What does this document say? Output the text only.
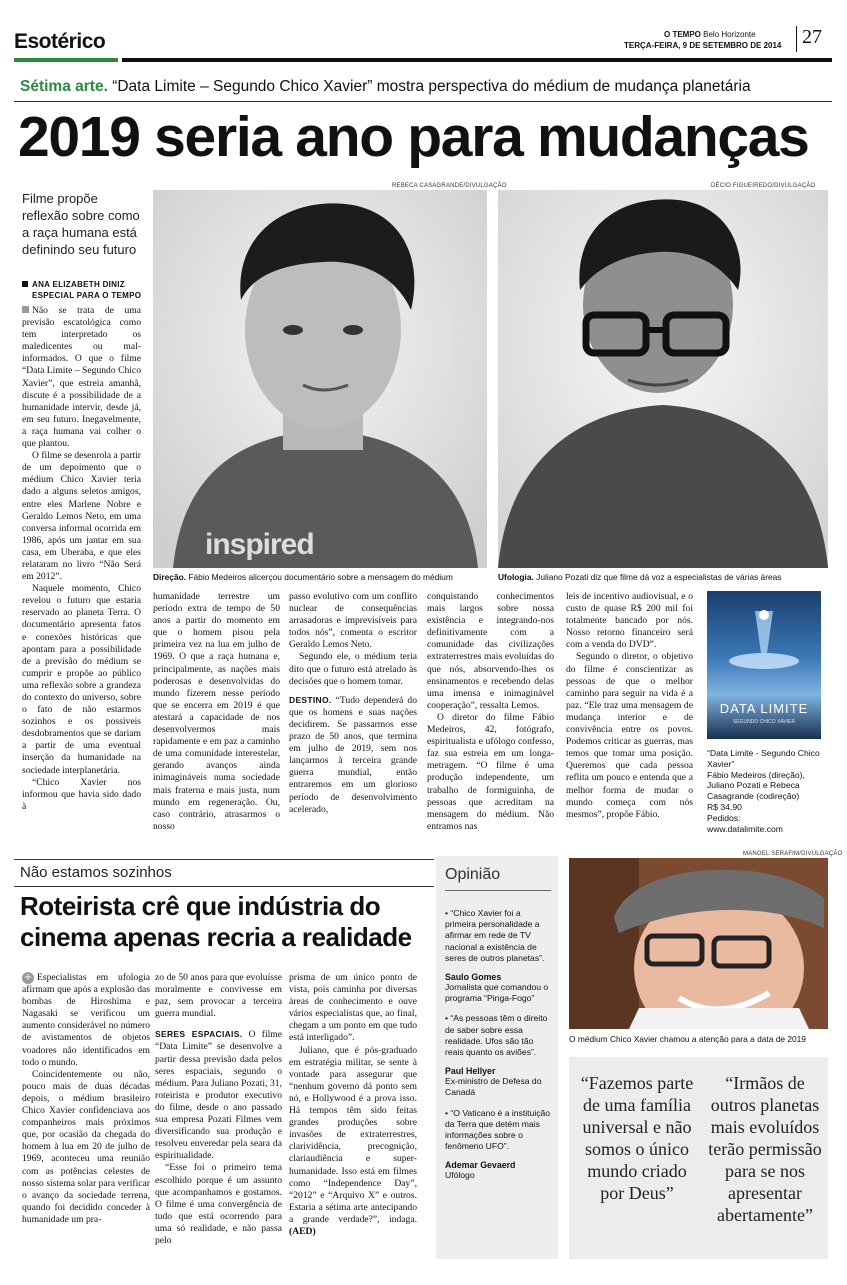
Esotérico	O TEMPO Belo Horizonte
TERÇA-FEIRA, 9 DE SETEMBRO DE 2014 27
Sétima arte. “Data Limite – Segundo Chico Xavier” mostra perspectiva do médium de mudança planetária
2019 seria ano para mudanças
Filme propõe reflexão sobre como a raça humana está definindo seu futuro
ANA ELIZABETH DINIZ
ESPECIAL PARA O TEMPO

Não se trata de uma previsão escatológica como tem interpretado os maledicentes ou mal-informados. O que o filme “Data Limite – Segundo Chico Xavier”, que estreia amanhã, discute é a possibilidade de a humanidade intervir, desde já, em seu futuro. Inegavelmente, a raça humana vai colher o que plantou.

O filme se desenrola a partir de um depoimento que o médium Chico Xavier teria dado a alguns seletos amigos, entre eles Marlene Nobre e Geraldo Lemos Neto, em uma conversa informal ocorrida em 1986, após um jantar em sua casa, em Uberaba, e que eles relataram no livro “Não Será em 2012”.

Naquele momento, Chico revelou o futuro que estaria reservado ao planeta Terra. O documentário apresenta fatos e conexões históricas que apontam para a possibilidade de a previsão do médium se cumprir e propõe ao público uma reflexão sobre a grandeza do contexto do universo, sobre o fato de não estarmos sozinhos e os possíveis desdobramentos que se dariam a partir de uma eventual inserção da humanidade na sociedade interplanetária.

“Chico Xavier nos informou que havia sido dado à

REBECA CASAGRANDE/DIVULGAÇÃO	DÉCIO FIGUEIREDO/DIVULGAÇÃO
inspired
Direção. Fábio Medeiros alicerçou documentário sobre a mensagem do médium	Ufologia. Juliano Pozati diz que filme dá voz a especialistas de várias áreas

humanidade terrestre um período extra de tempo de 50 anos a partir do momento em que o homem pisou pela primeira vez na lua em julho de 1969. O que a raça humana e, principalmente, as nações mais poderosas e desenvolvidas do mundo fizerem nesse período que se encerra em 2019 é que atestará a capacidade de nos desenvolvermos mais rapidamente e em paz a caminho de uma comunidade interestelar, gerando avanços ainda inimagináveis numa sociedade mais fraterna e mais justa, num mundo em regeneração. Ou, caso contrário, atrasarmos o nosso

passo evolutivo com um conflito nuclear de consequências arrasadoras e imprevisíveis para todos nós”, comenta o escritor Geraldo Lemos Neto.

Segundo ele, o médium teria dito que o futuro está atrelado às decisões que o homem tomar.

DESTINO. “Tudo dependerá do que os homens e suas nações decidirem. Se passarmos esse prazo de 50 anos, que termina em julho de 2019, sem nos lançarmos à terceira grande guerra mundial, então entraremos em um glorioso período de desenvolvimento acelerado,

conquistando conhecimentos mais largos sobre nossa existência e integrando-nos definitivamente com a comunidade das civilizações extraterrestres mais evoluídas do que nós, absorvendo-lhes os ensinamentos e recebendo delas uma imensa e inimaginável cooperação”, ressalta Lemos.

O diretor do filme Fábio Medeiros, 42, fotógrafo, espiritualista e ufólogo confesso, faz sua estreia em um longa-metragem. “O filme é uma produção independente, um trabalho de formiguinha, de pessoas que acreditam na mensagem do médium. Não entramos nas

leis de incentivo audiovisual, e o custo de quase R$ 200 mil foi totalmente bancado por nós. Nosso retorno financeiro será com a venda do DVD”.

Segundo o diretor, o objetivo do filme é conscientizar as pessoas de que o melhor caminho para seguir na vida é a paz. “Ele traz uma mensagem de mudança interior e de convivência entre os povos. Podemos criticar as guerras, mas temos que tomar uma posição. Queremos que cada pessoa reflita um pouco e entenda que a melhor forma de mudar o mundo começa com nós mesmos”, propõe Fábio.

DATA LIMITE
SEGUNDO CHICO XAVIER
“Data Limite - Segundo Chico Xavier”
Fábio Medeiros (direção), Juliano Pozati e Rebeca Casagrande (codireção)
R$ 34,90
Pedidos:
www.datalimite.com
Não estamos sozinhos
Roteirista crê que indústria do cinema apenas recria a realidade

+ Especialistas em ufologia afirmam que após a explosão das bombas de Hiroshima e Nagasaki se verificou um aumento considerável no número de avistamentos de objetos voadores não identificados em todo o mundo.

Coincidentemente ou não, pouco mais de duas décadas depois, o médium brasileiro Chico Xavier confidenciava aos companheiros mais próximos que, por ocasião da chegada do homem à lua em 20 de julho de 1969, aconteceu uma reunião com as potências celestes de nosso sistema solar para verificar o avanço da sociedade terrena, quando foi decidido conceder à humanidade um pra-

zo de 50 anos para que evoluísse moralmente e convivesse em paz, sem provocar a terceira guerra mundial.

SERES ESPACIAIS. O filme “Data Limite” se desenvolve a partir dessa previsão dada pelos seres espaciais, segundo o médium. Para Juliano Pozati, 31, roteirista e produtor executivo do filme, desde o ano passado sua empresa Pozati Filmes vem diversificando sua produção e resolveu enveredar pela seara da espiritualidade.

“Esse foi o primeiro tema escolhido porque é um assunto que acompanhamos e gostamos. O filme é uma convergência de tudo que está ocorrendo para uma só realidade, e não passa pelo

prisma de um único ponto de vista, pois caminha por diversas áreas de conhecimento e ouve vários especialistas que, ao final, chegam a um ponto em que tudo está interligado”.

Juliano, que é pós-graduado em estratégia militar, se sente à vontade para assegurar que “nenhum governo dá ponto sem nó, e Hollywood é a prova isso. Há tempos têm sido feitas grandes produções sobre invasões de extraterrestres, clarividência, precognição, clariaudiência e super-humanidade. Isso está em filmes como “Independence Day”, “2012” e “Arquivo X” e outros. Estaria a sétima arte antecipando a grande verdade?”, indaga. (AED)

Opinião

• “Chico Xavier foi a primeira personalidade a afirmar em rede de TV nacional a existência de seres de outros planetas”.

Saulo Gomes

Jornalista que comandou o programa “Pinga-Fogo”

• “As pessoas têm o direito de saber sobre essa realidade. Ufos são tão reais quanto os aviões”.

Paul Hellyer

Ex-ministro de Defesa do Canadá

• “O Vaticano é a instituição da Terra que detém mais informações sobre o fenômeno UFO”.

Ademar Gevaerd

Ufólogo

MANOEL SERAFIM/DIVULGAÇÃO
O médium Chico Xavier chamou a atenção para a data de 2019
“Fazemos parte de uma família universal e não somos o único mundo criado por Deus”
“Irmãos de outros planetas mais evoluídos terão permissão para se nos apresentar abertamente”
